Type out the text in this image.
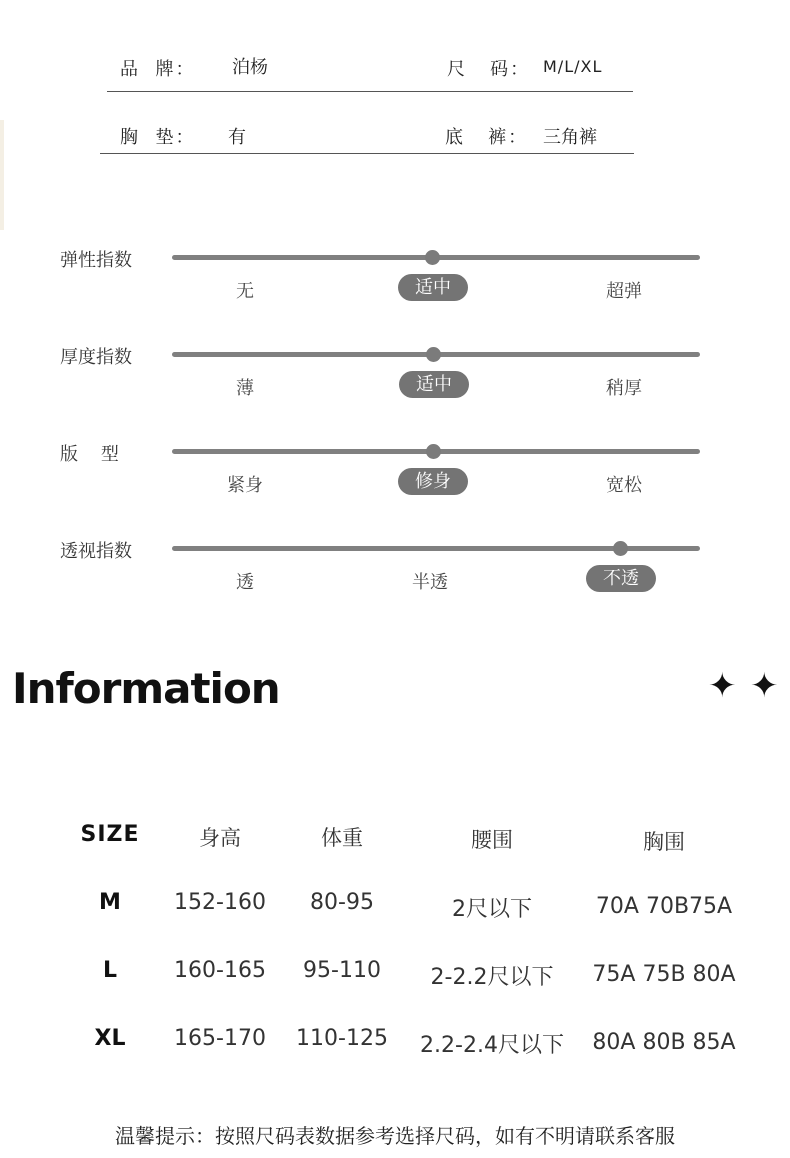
品  牌： 泊杨	尺   码： M/L/XL
胸  垫： 有	底   裤： 三角裤
弹性指数
无	适中	超弹
厚度指数
薄	适中	稍厚
版    型
紧身	修身	宽松
透视指数
透	半透	不透
Information	✦ ✦
SIZE	身高	体重	腰围	胸围
M	152-160	80-95	2尺以下	70A 70B75A
L	160-165	95-110	2-2.2尺以下	75A 75B 80A
XL	165-170	110-125	2.2-2.4尺以下	80A 80B 85A
温馨提示：按照尺码表数据参考选择尺码，如有不明请联系客服
